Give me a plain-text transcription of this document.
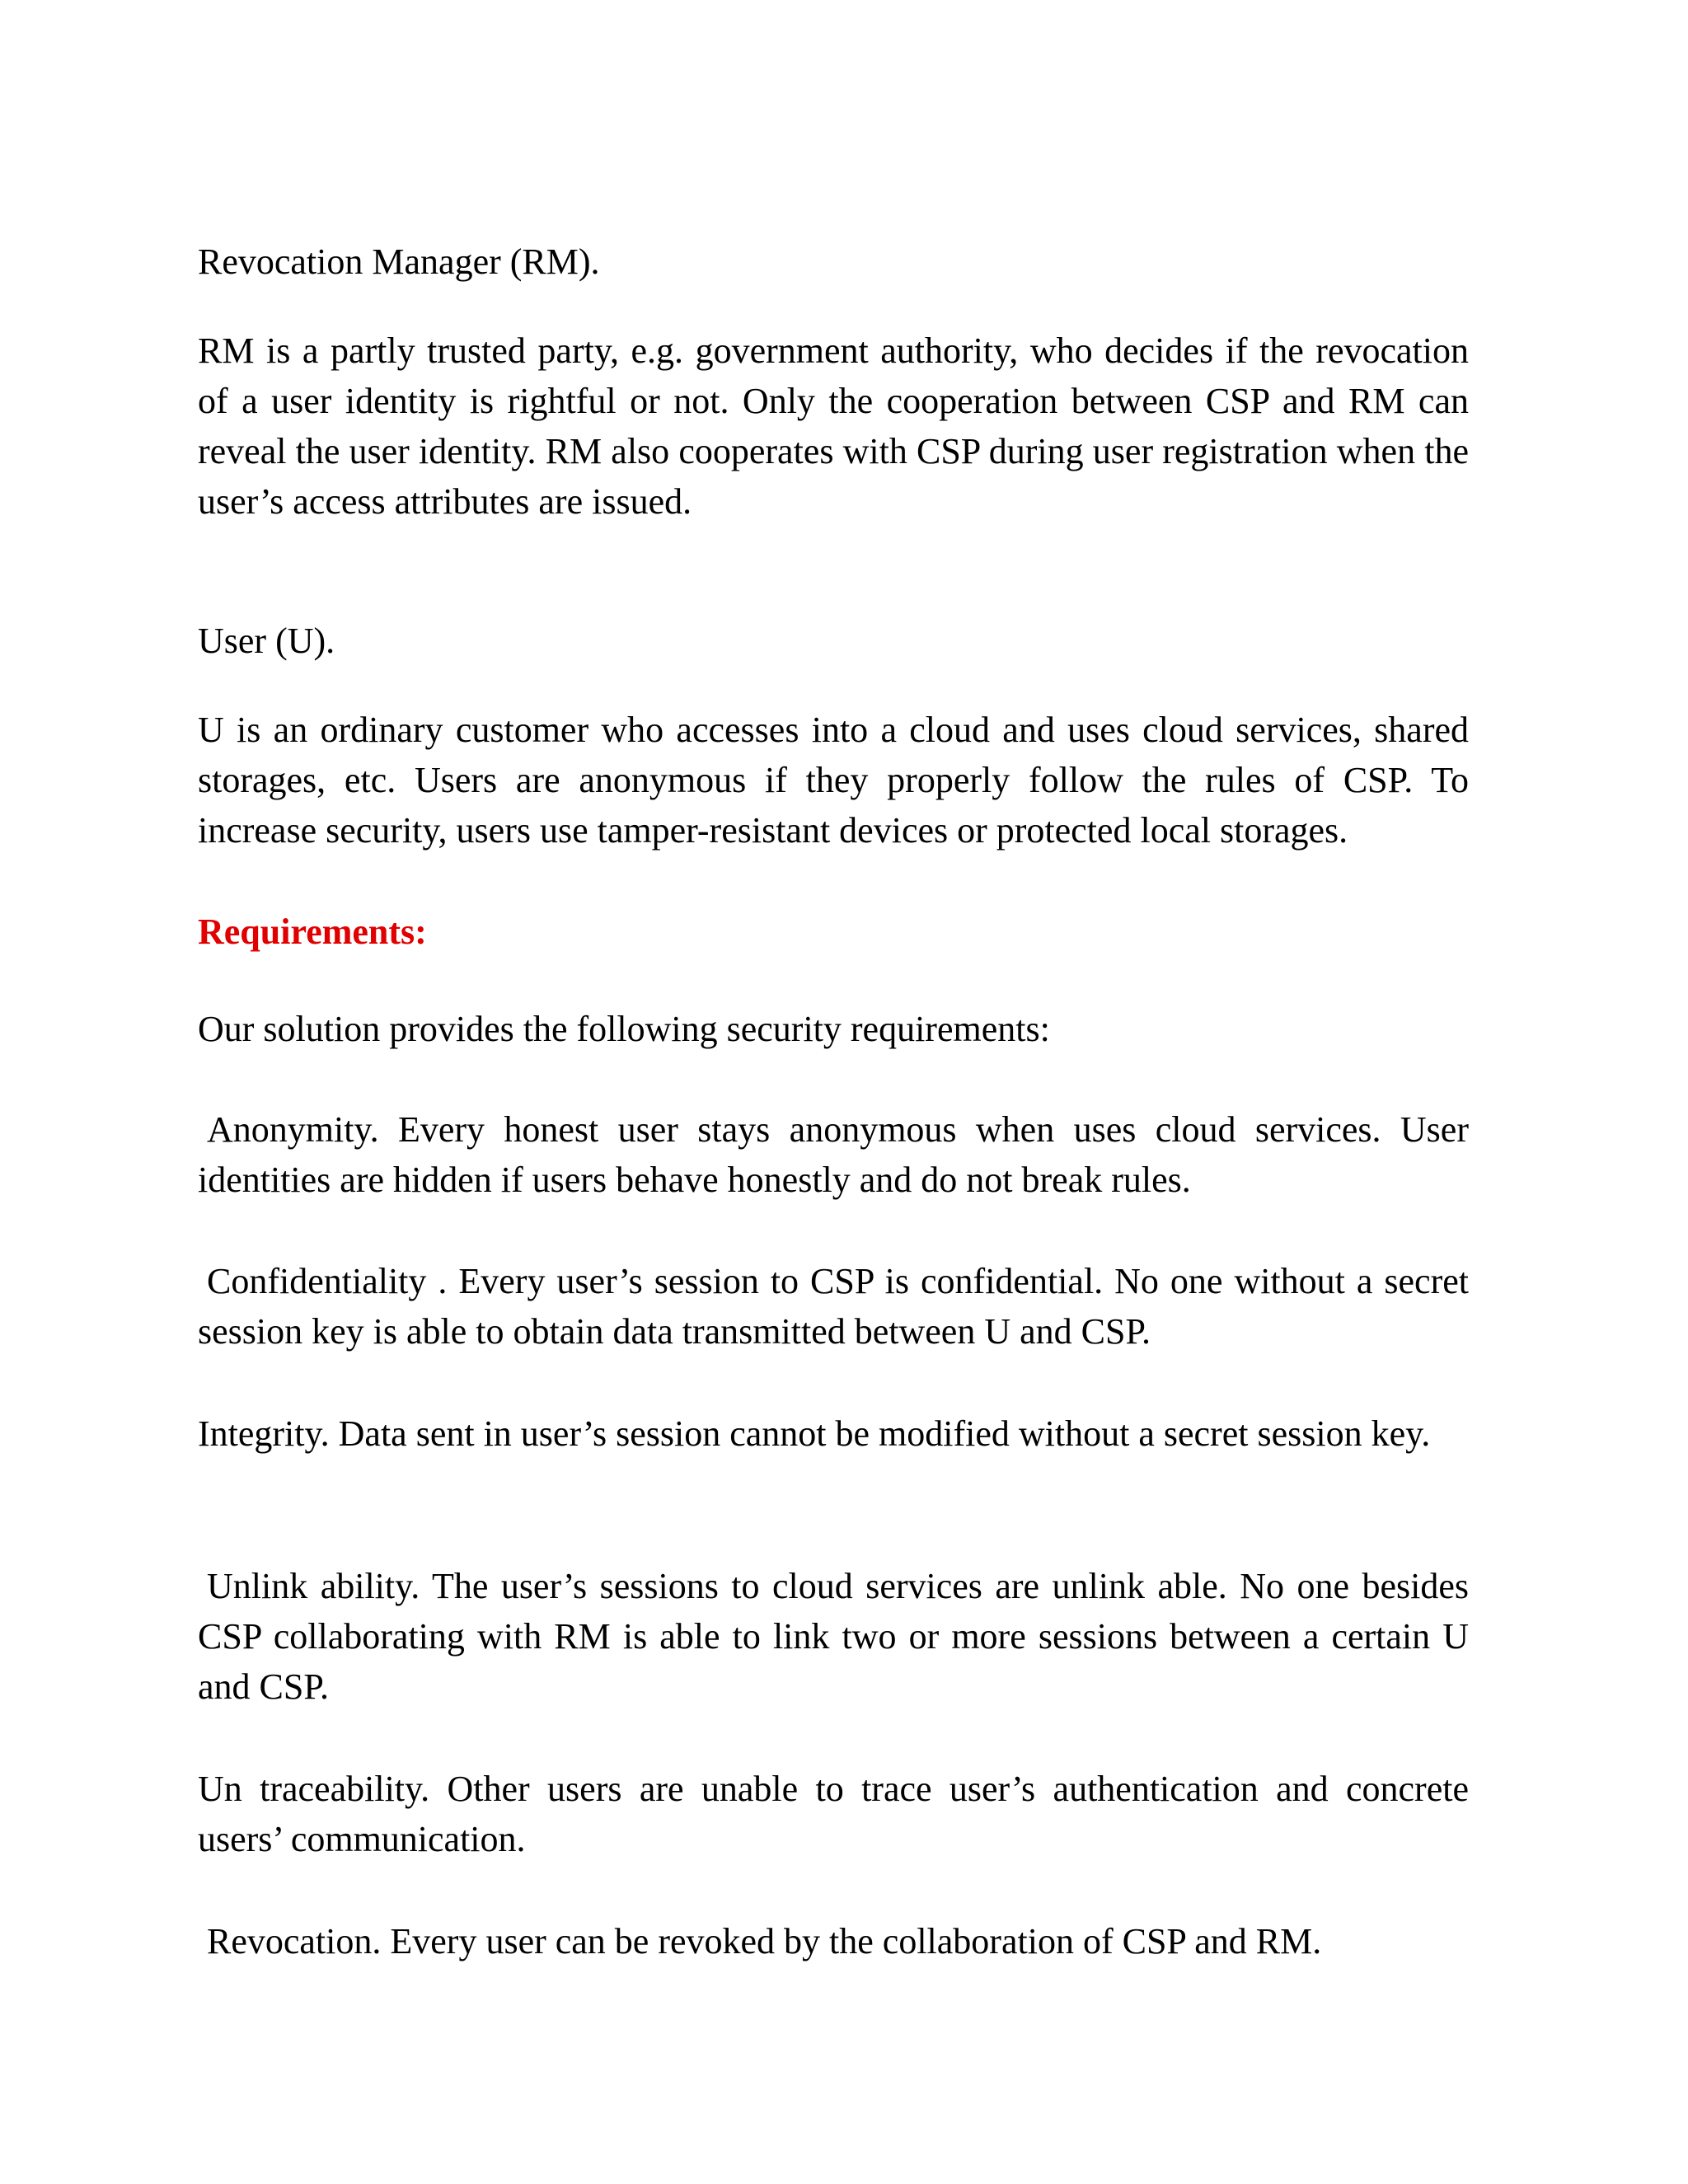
Revocation Manager (RM).

RM is a partly trusted party, e.g. government authority, who decides if the revocation of a user identity is rightful or not. Only the cooperation between CSP and RM can reveal the user identity. RM also cooperates with CSP during user registration when the user’s access attributes are issued.

User (U).

U is an ordinary customer who accesses into a cloud and uses cloud services, shared storages, etc. Users are anonymous if they properly follow the rules of CSP. To increase security, users use tamper-resistant devices or protected local storages.

Requirements:

Our solution provides the following security requirements:

Anonymity. Every honest user stays anonymous when uses cloud services. User identities are hidden if users behave honestly and do not break rules.

Confidentiality . Every user’s session to CSP is confidential. No one without a secret session key is able to obtain data transmitted between U and CSP.

Integrity. Data sent in user’s session cannot be modified without a secret session key.

Unlink ability. The user’s sessions to cloud services are unlink able. No one besides CSP collaborating with RM is able to link two or more sessions between a certain U and CSP.

Un traceability. Other users are unable to trace user’s authentication and concrete users’ communication.

Revocation. Every user can be revoked by the collaboration of CSP and RM.
